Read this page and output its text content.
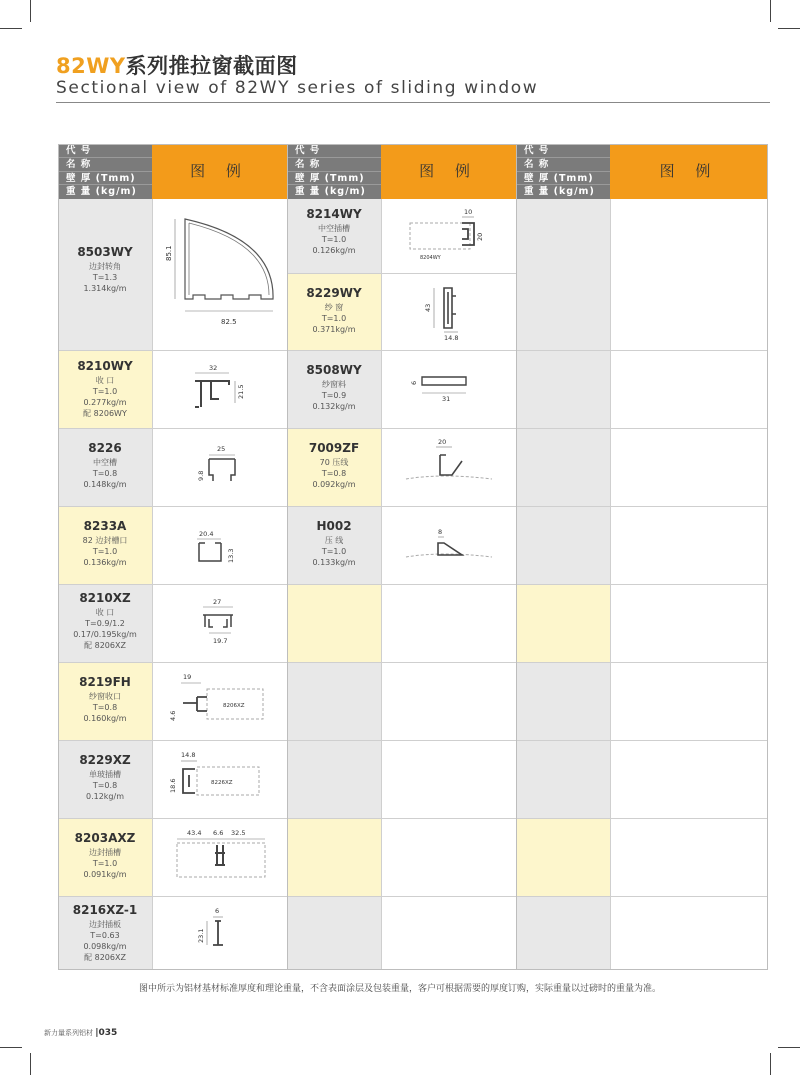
82WY系列推拉窗截面图
Sectional view of 82WY series of sliding window
代 号
名 称
壁 厚 (Tmm)
重 量 (kg/m)
图 例
8503WY
边封转角
T=1.3
1.314kg/m
85.1
82.5
8210WY
收 口
T=1.0
0.277kg/m
配 8206WY
32
21.5
8226
中空槽
T=0.8
0.148kg/m
25
9.8
8233A
82 边封槽口
T=1.0
0.136kg/m
20.4
13.3
8210XZ
收 口
T=0.9/1.2
0.17/0.195kg/m
配 8206XZ
27
19.7
8219FH
纱窗收口
T=0.8
0.160kg/m
19
4.6
8206XZ
8229XZ
单玻插槽
T=0.8
0.12kg/m
14.8
18.6	8226XZ
8203AXZ
边封插槽
T=1.0
0.091kg/m
43.4 6.6 32.5
8216XZ-1
边封插板
T=0.63
0.098kg/m
配 8206XZ
6
23.1
代 号
名 称
壁 厚 (Tmm)
重 量 (kg/m)
图 例
8214WY
中空插槽
T=1.0
0.126kg/m
10
20
8204WY
8229WY
纱 窗
T=1.0
0.371kg/m
43
14.8
8508WY
纱窗料
T=0.9
0.132kg/m
6
31
7009ZF
70 压线
T=0.8
0.092kg/m
20
H002
压 线
T=1.0
0.133kg/m
8
代 号
名 称
壁 厚 (Tmm)
重 量 (kg/m)
图 例
图中所示为铝材基材标准厚度和理论重量，不含表面涂层及包装重量，客户可根据需要的厚度订购，实际重量以过磅时的重量为准。
新力量系列铝材 |035
